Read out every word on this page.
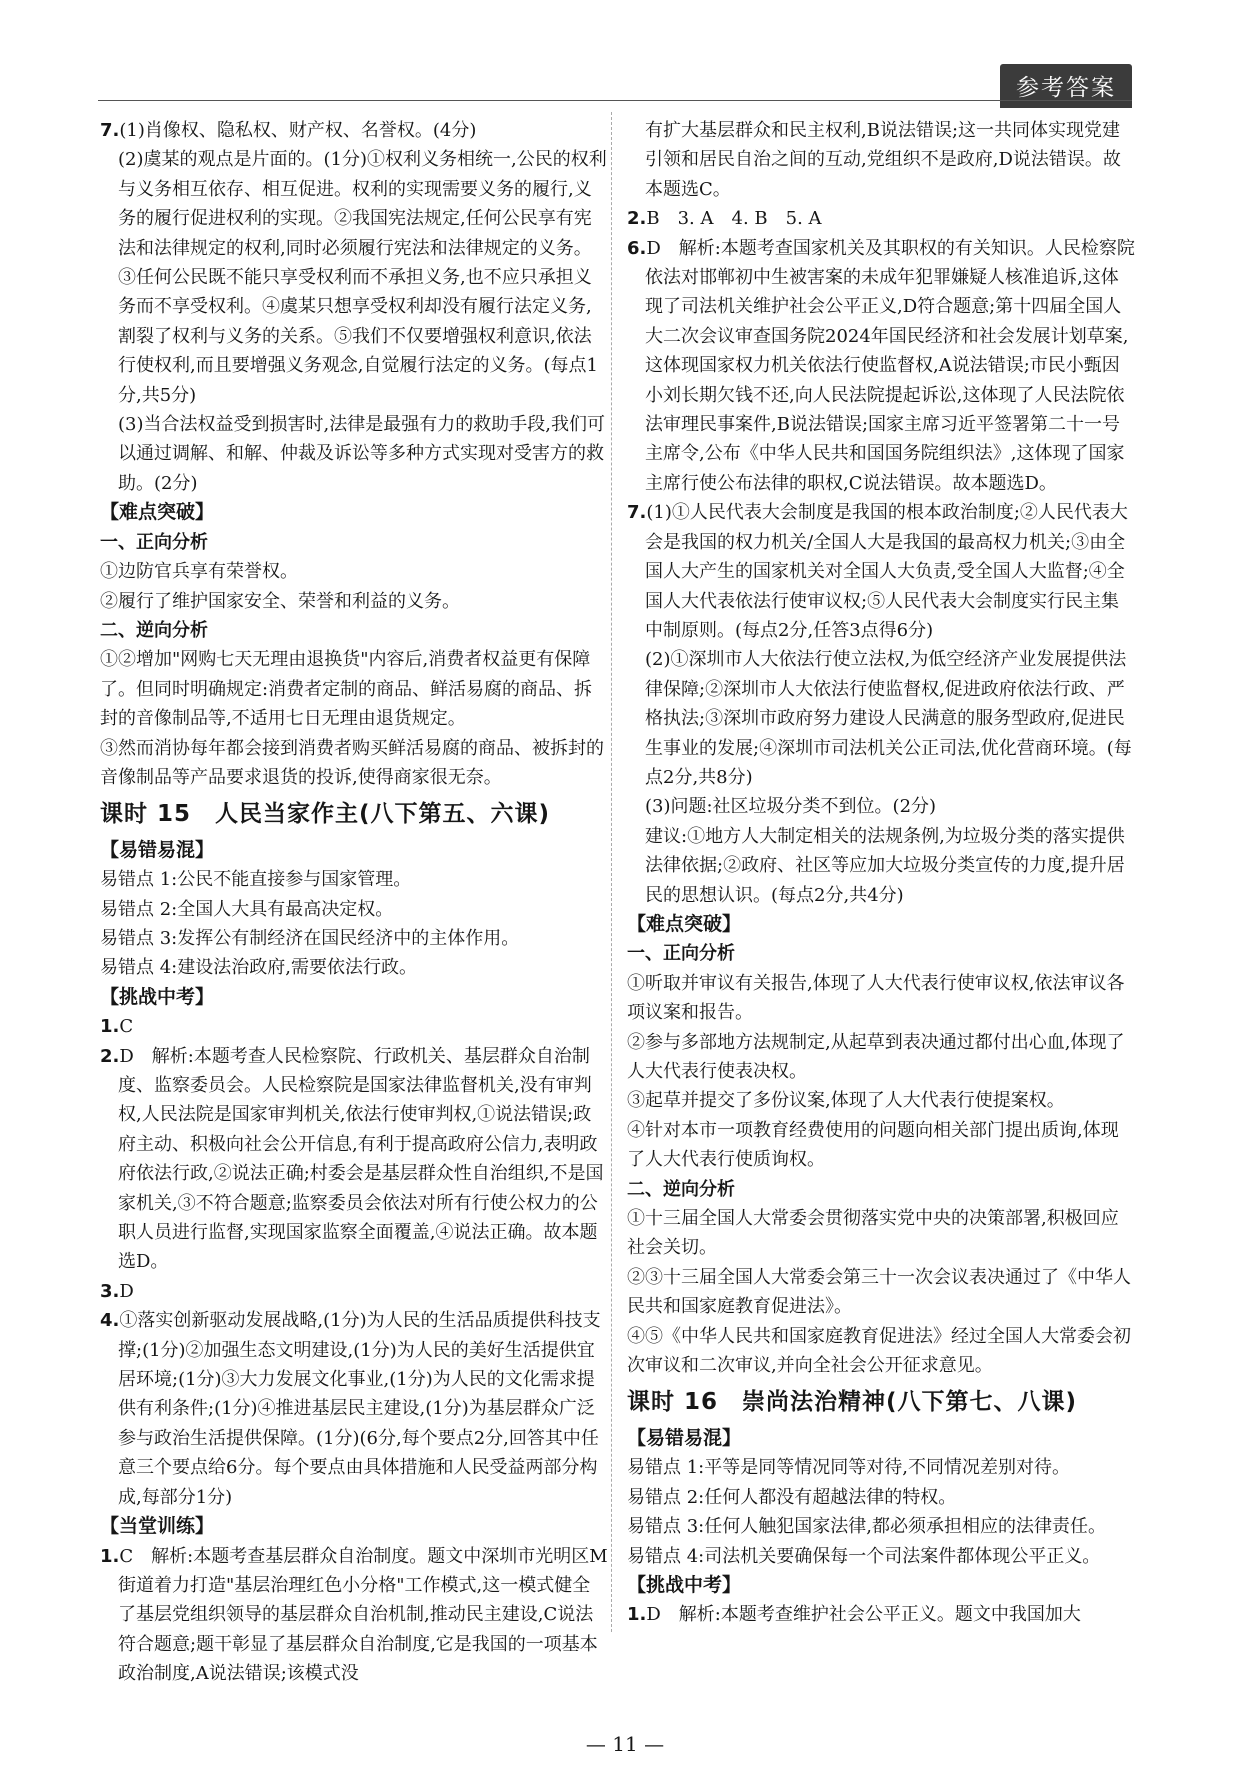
参考答案
7.(1)肖像权、隐私权、财产权、名誉权。(4分)
(2)虞某的观点是片面的。(1分)①权利义务相统一,公民的权利与义务相互依存、相互促进。权利的实现需要义务的履行,义务的履行促进权利的实现。②我国宪法规定,任何公民享有宪法和法律规定的权利,同时必须履行宪法和法律规定的义务。③任何公民既不能只享受权利而不承担义务,也不应只承担义务而不享受权利。④虞某只想享受权利却没有履行法定义务,割裂了权利与义务的关系。⑤我们不仅要增强权利意识,依法行使权利,而且要增强义务观念,自觉履行法定的义务。(每点1分,共5分)
(3)当合法权益受到损害时,法律是最强有力的救助手段,我们可以通过调解、和解、仲裁及诉讼等多种方式实现对受害方的救助。(2分)
【难点突破】
一、正向分析
①边防官兵享有荣誉权。
②履行了维护国家安全、荣誉和利益的义务。
二、逆向分析
①②增加"网购七天无理由退换货"内容后,消费者权益更有保障了。但同时明确规定:消费者定制的商品、鲜活易腐的商品、拆封的音像制品等,不适用七日无理由退货规定。
③然而消协每年都会接到消费者购买鲜活易腐的商品、被拆封的音像制品等产品要求退货的投诉,使得商家很无奈。
课时 15　人民当家作主(八下第五、六课)
【易错易混】
易错点 1:公民不能直接参与国家管理。
易错点 2:全国人大具有最高决定权。
易错点 3:发挥公有制经济在国民经济中的主体作用。
易错点 4:建设法治政府,需要依法行政。
【挑战中考】
1.C
2.D　解析:本题考查人民检察院、行政机关、基层群众自治制度、监察委员会。人民检察院是国家法律监督机关,没有审判权,人民法院是国家审判机关,依法行使审判权,①说法错误;政府主动、积极向社会公开信息,有利于提高政府公信力,表明政府依法行政,②说法正确;村委会是基层群众性自治组织,不是国家机关,③不符合题意;监察委员会依法对所有行使公权力的公职人员进行监督,实现国家监察全面覆盖,④说法正确。故本题选D。
3.D
4.①落实创新驱动发展战略,(1分)为人民的生活品质提供科技支撑;(1分)②加强生态文明建设,(1分)为人民的美好生活提供宜居环境;(1分)③大力发展文化事业,(1分)为人民的文化需求提供有利条件;(1分)④推进基层民主建设,(1分)为基层群众广泛参与政治生活提供保障。(1分)(6分,每个要点2分,回答其中任意三个要点给6分。每个要点由具体措施和人民受益两部分构成,每部分1分)
【当堂训练】
1.C　解析:本题考查基层群众自治制度。题文中深圳市光明区M街道着力打造"基层治理红色小分格"工作模式,这一模式健全了基层党组织领导的基层群众自治机制,推动民主建设,C说法符合题意;题干彰显了基层群众自治制度,它是我国的一项基本政治制度,A说法错误;该模式没
有扩大基层群众和民主权利,B说法错误;这一共同体实现党建引领和居民自治之间的互动,党组织不是政府,D说法错误。故本题选C。
2.B　3. A　4. B　5. A
6.D　解析:本题考查国家机关及其职权的有关知识。人民检察院依法对邯郸初中生被害案的未成年犯罪嫌疑人核准追诉,这体现了司法机关维护社会公平正义,D符合题意;第十四届全国人大二次会议审查国务院2024年国民经济和社会发展计划草案,这体现国家权力机关依法行使监督权,A说法错误;市民小甄因小刘长期欠钱不还,向人民法院提起诉讼,这体现了人民法院依法审理民事案件,B说法错误;国家主席习近平签署第二十一号主席令,公布《中华人民共和国国务院组织法》,这体现了国家主席行使公布法律的职权,C说法错误。故本题选D。
7.(1)①人民代表大会制度是我国的根本政治制度;②人民代表大会是我国的权力机关/全国人大是我国的最高权力机关;③由全国人大产生的国家机关对全国人大负责,受全国人大监督;④全国人大代表依法行使审议权;⑤人民代表大会制度实行民主集中制原则。(每点2分,任答3点得6分)
(2)①深圳市人大依法行使立法权,为低空经济产业发展提供法律保障;②深圳市人大依法行使监督权,促进政府依法行政、严格执法;③深圳市政府努力建设人民满意的服务型政府,促进民生事业的发展;④深圳市司法机关公正司法,优化营商环境。(每点2分,共8分)
(3)问题:社区垃圾分类不到位。(2分)
建议:①地方人大制定相关的法规条例,为垃圾分类的落实提供法律依据;②政府、社区等应加大垃圾分类宣传的力度,提升居民的思想认识。(每点2分,共4分)
【难点突破】
一、正向分析
①听取并审议有关报告,体现了人大代表行使审议权,依法审议各项议案和报告。
②参与多部地方法规制定,从起草到表决通过都付出心血,体现了人大代表行使表决权。
③起草并提交了多份议案,体现了人大代表行使提案权。
④针对本市一项教育经费使用的问题向相关部门提出质询,体现了人大代表行使质询权。
二、逆向分析
①十三届全国人大常委会贯彻落实党中央的决策部署,积极回应社会关切。
②③十三届全国人大常委会第三十一次会议表决通过了《中华人民共和国家庭教育促进法》。
④⑤《中华人民共和国家庭教育促进法》经过全国人大常委会初次审议和二次审议,并向全社会公开征求意见。
课时 16　崇尚法治精神(八下第七、八课)
【易错易混】
易错点 1:平等是同等情况同等对待,不同情况差别对待。
易错点 2:任何人都没有超越法律的特权。
易错点 3:任何人触犯国家法律,都必须承担相应的法律责任。
易错点 4:司法机关要确保每一个司法案件都体现公平正义。
【挑战中考】
1.D　解析:本题考查维护社会公平正义。题文中我国加大
— 11 —
